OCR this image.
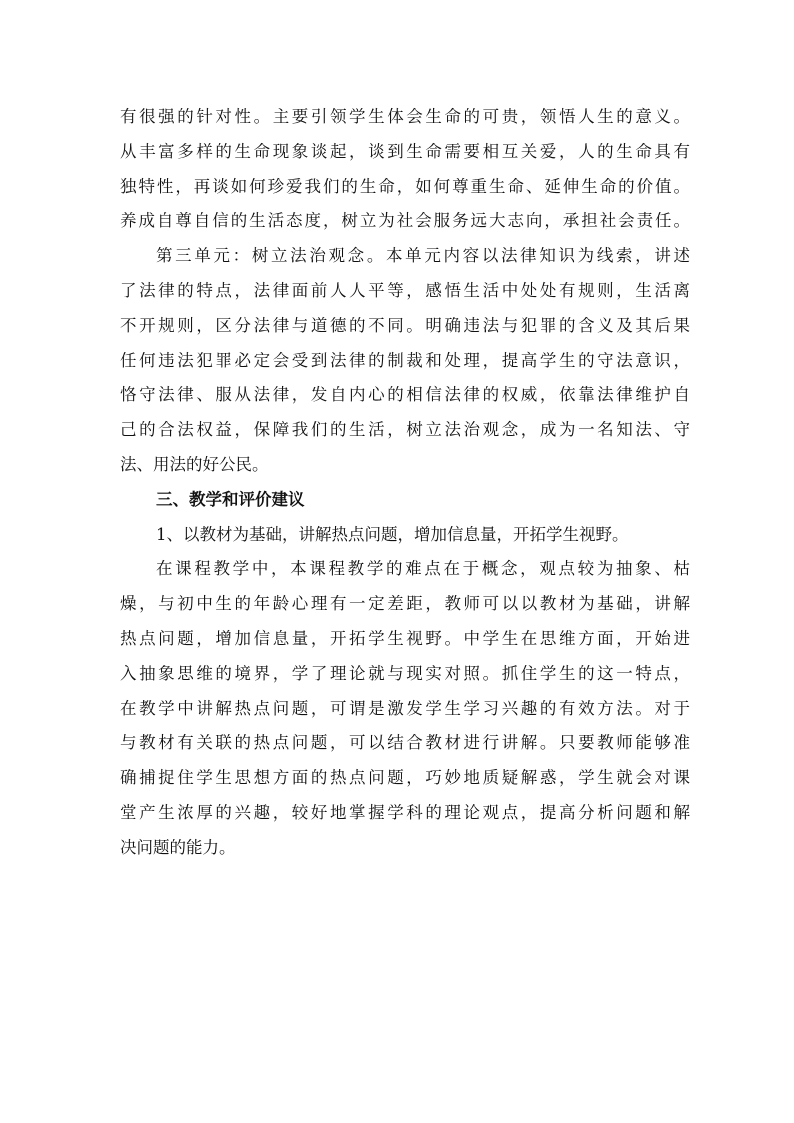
有很强的针对性。主要引领学生体会生命的可贵，领悟人生的意义。
从丰富多样的生命现象谈起，谈到生命需要相互关爱，人的生命具有
独特性，再谈如何珍爱我们的生命，如何尊重生命、延伸生命的价值。
养成自尊自信的生活态度，树立为社会服务远大志向，承担社会责任。
第三单元：树立法治观念。本单元内容以法律知识为线索，讲述
了法律的特点，法律面前人人平等，感悟生活中处处有规则，生活离
不开规则，区分法律与道德的不同。明确违法与犯罪的含义及其后果
任何违法犯罪必定会受到法律的制裁和处理，提高学生的守法意识，
恪守法律、服从法律，发自内心的相信法律的权威，依靠法律维护自
己的合法权益，保障我们的生活，树立法治观念，成为一名知法、守
法、用法的好公民。
三、教学和评价建议
1、以教材为基础，讲解热点问题，增加信息量，开拓学生视野。
在课程教学中，本课程教学的难点在于概念，观点较为抽象、枯
燥，与初中生的年龄心理有一定差距，教师可以以教材为基础，讲解
热点问题，增加信息量，开拓学生视野。中学生在思维方面，开始进
入抽象思维的境界，学了理论就与现实对照。抓住学生的这一特点，
在教学中讲解热点问题，可谓是激发学生学习兴趣的有效方法。对于
与教材有关联的热点问题，可以结合教材进行讲解。只要教师能够准
确捕捉住学生思想方面的热点问题，巧妙地质疑解惑，学生就会对课
堂产生浓厚的兴趣，较好地掌握学科的理论观点，提高分析问题和解
决问题的能力。
